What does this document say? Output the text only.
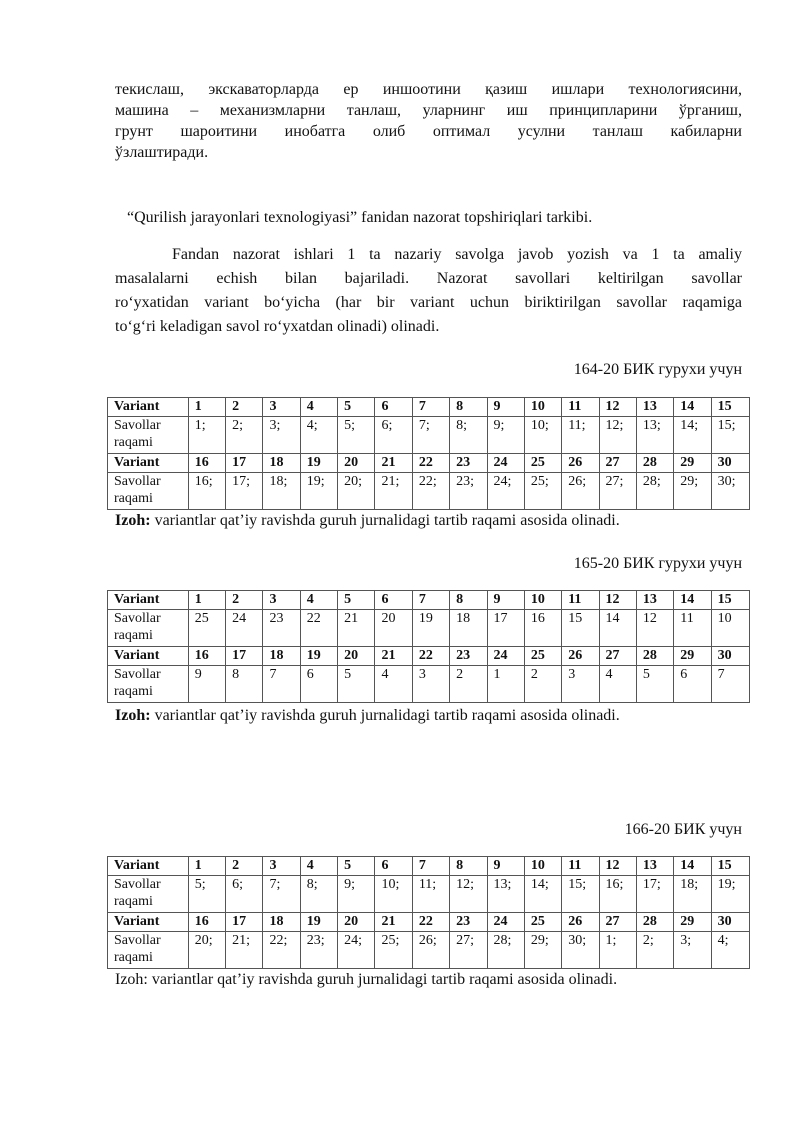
текислаш, экскаваторларда ер иншоотини қазиш ишлари технологиясини,
машина – механизмларни танлаш, уларнинг иш принципларини ўрганиш,
грунт шароитини инобатга олиб оптимал усулни танлаш кабиларни
ўзлаштиради.
“Qurilish jarayonlari texnologiyasi” fanidan nazorat topshiriqlari tarkibi.
Fandan nazorat ishlari 1 ta nazariy savolga javob yozish va 1 ta amaliy
masalalarni echish bilan bajariladi. Nazorat savollari keltirilgan savollar
ro‘yxatidan variant bo‘yicha (har bir variant uchun biriktirilgan savollar raqamiga
to‘g‘ri keladigan savol ro‘yxatdan olinadi) olinadi.
164-20 БИК гурухи учун
Variant	1	2	3	4	5	6	7	8	9	10	11	12	13	14	15
Savollar raqami	1;	2;	3;	4;	5;	6;	7;	8;	9;	10;	11;	12;	13;	14;	15;
Variant	16	17	18	19	20	21	22	23	24	25	26	27	28	29	30
Savollar raqami	16;	17;	18;	19;	20;	21;	22;	23;	24;	25;	26;	27;	28;	29;	30;
Izoh: variantlar qat’iy ravishda guruh jurnalidagi tartib raqami asosida olinadi.
165-20 БИК гурухи учун
Variant	1	2	3	4	5	6	7	8	9	10	11	12	13	14	15
Savollar raqami	25	24	23	22	21	20	19	18	17	16	15	14	12	11	10
Variant	16	17	18	19	20	21	22	23	24	25	26	27	28	29	30
Savollar raqami	9	8	7	6	5	4	3	2	1	2	3	4	5	6	7
Izoh: variantlar qat’iy ravishda guruh jurnalidagi tartib raqami asosida olinadi.
166-20 БИК учун
Variant	1	2	3	4	5	6	7	8	9	10	11	12	13	14	15
Savollar raqami	5;	6;	7;	8;	9;	10;	11;	12;	13;	14;	15;	16;	17;	18;	19;
Variant	16	17	18	19	20	21	22	23	24	25	26	27	28	29	30
Savollar raqami	20;	21;	22;	23;	24;	25;	26;	27;	28;	29;	30;	1;	2;	3;	4;
Izoh: variantlar qat’iy ravishda guruh jurnalidagi tartib raqami asosida olinadi.
